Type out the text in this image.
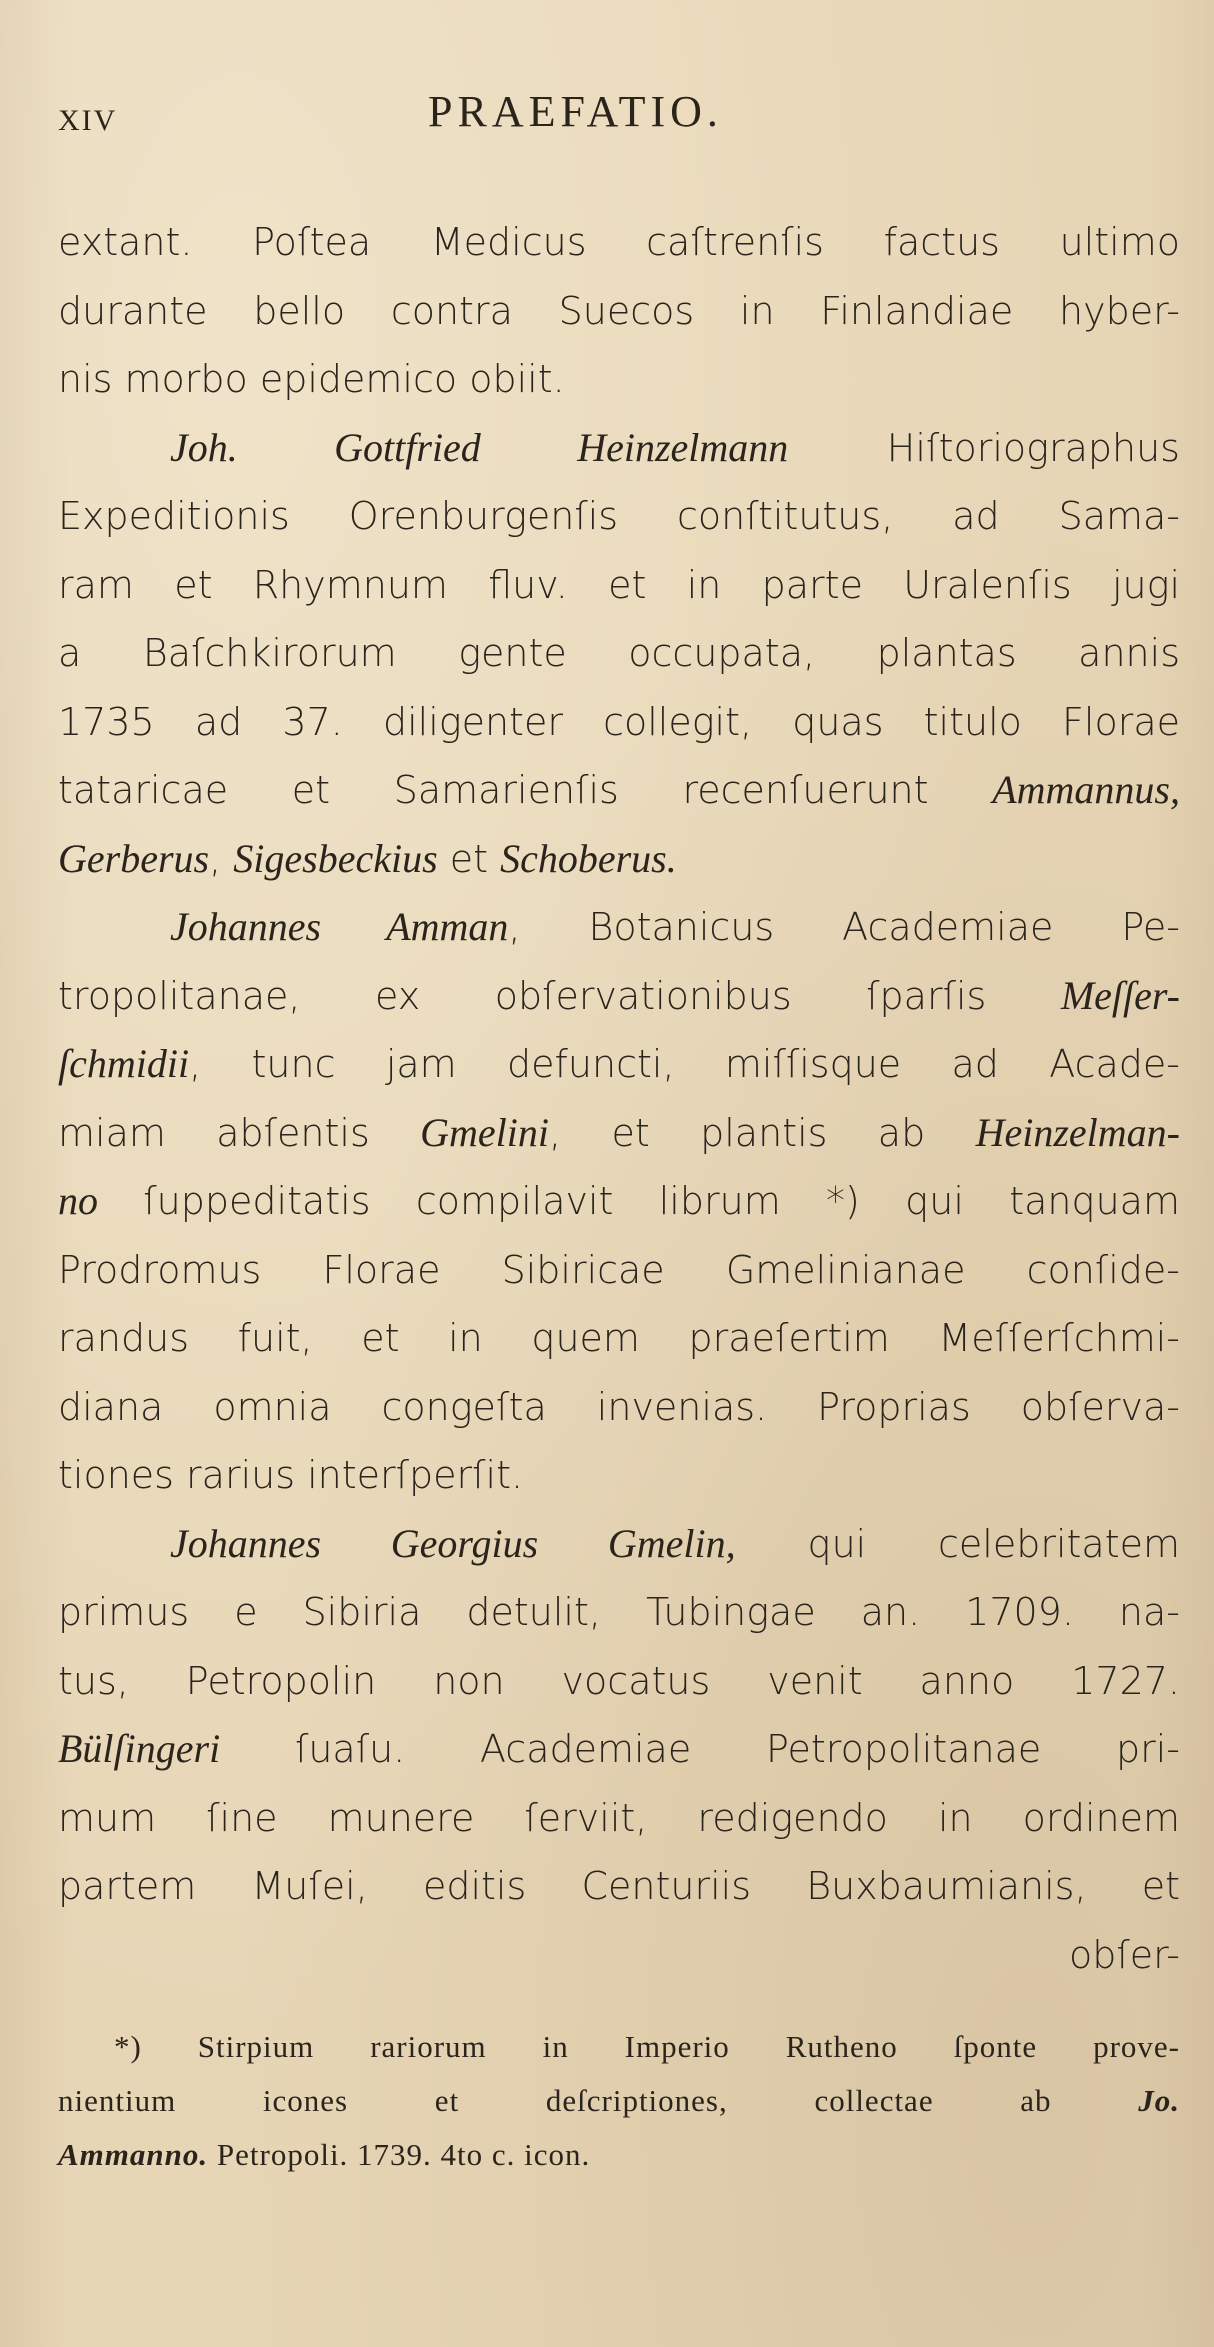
XIV	PRAEFATIO.
extant. Poſtea Medicus caſtrenſis factus ultimo
durante bello contra Suecos in Finlandiae hyber-
nis morbo epidemico obiit.
Joh. Gottfried Heinzelmann Hiſtoriographus
Expeditionis Orenburgenſis conſtitutus, ad Sama-
ram et Rhymnum fluv. et in parte Uralenſis jugi
a Baſchkirorum gente occupata, plantas annis
1735 ad 37. diligenter collegit, quas titulo Florae
tataricae et Samarienſis recenſuerunt Ammannus,
Gerberus, Sigesbeckius et Schoberus.
Johannes Amman, Botanicus Academiae Pe-
tropolitanae, ex obſervationibus ſparſis Meſſer-
ſchmidii, tunc jam defuncti, miſſisque ad Acade-
miam abſentis Gmelini, et plantis ab Heinzelman-
no ſuppeditatis compilavit librum *) qui tanquam
Prodromus Florae Sibiricae Gmelinianae conſide-
randus fuit, et in quem praeſertim Meſſerſchmi-
diana omnia congeſta invenias. Proprias obſerva-
tiones rarius interſperſit.
Johannes Georgius Gmelin, qui celebritatem
primus e Sibiria detulit, Tubingae an. 1709. na-
tus, Petropolin non vocatus venit anno 1727.
Bülſingeri ſuaſu. Academiae Petropolitanae pri-
mum ſine munere ſerviit, redigendo in ordinem
partem Muſei, editis Centuriis Buxbaumianis, et
obſer-
*) Stirpium rariorum in Imperio Rutheno ſponte prove-
nientium icones et deſcriptiones, collectae ab Jo.
Ammanno. Petropoli. 1739. 4to c. icon.
